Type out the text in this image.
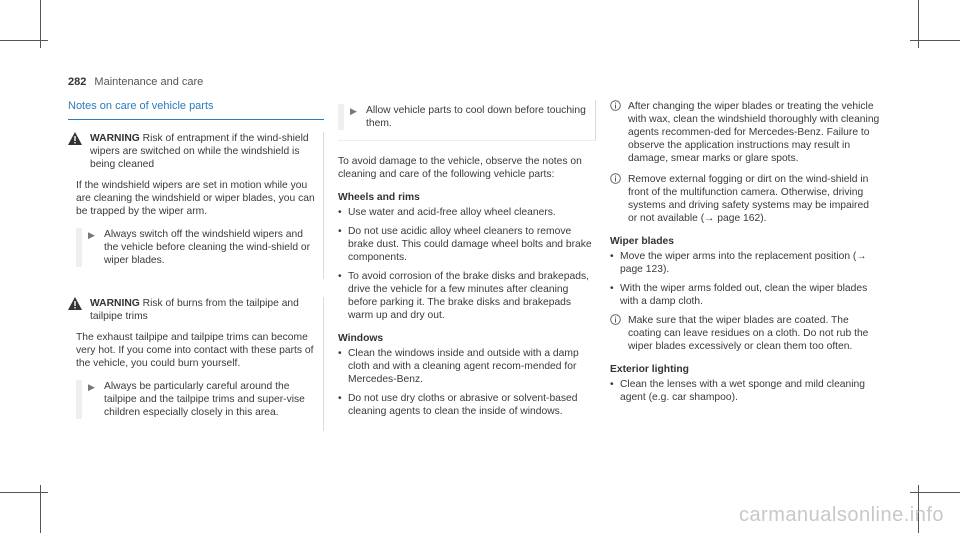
282 Maintenance and care
Notes on care of vehicle parts
WARNING Risk of entrapment if the wind-shield wipers are switched on while the windshield is being cleaned
If the windshield wipers are set in motion while you are cleaning the windshield or wiper blades, you can be trapped by the wiper arm.
▶ Always switch off the windshield wipers and the vehicle before cleaning the wind-shield or wiper blades.
WARNING Risk of burns from the tailpipe and tailpipe trims
The exhaust tailpipe and tailpipe trims can become very hot. If you come into contact with these parts of the vehicle, you could burn yourself.
▶ Always be particularly careful around the tailpipe and the tailpipe trims and super-vise children especially closely in this area.
▶ Allow vehicle parts to cool down before touching them.
To avoid damage to the vehicle, observe the notes on cleaning and care of the following vehicle parts:
Wheels and rims
• Use water and acid-free alloy wheel cleaners.
• Do not use acidic alloy wheel cleaners to remove brake dust. This could damage wheel bolts and brake components.
• To avoid corrosion of the brake disks and brakepads, drive the vehicle for a few minutes after cleaning before parking it. The brake disks and brakepads warm up and dry out.
Windows
• Clean the windows inside and outside with a damp cloth and with a cleaning agent recom-mended for Mercedes-Benz.
• Do not use dry cloths or abrasive or solvent-based cleaning agents to clean the inside of windows.
After changing the wiper blades or treating the vehicle with wax, clean the windshield thoroughly with cleaning agents recommen-ded for Mercedes-Benz. Failure to observe the application instructions may result in damage, smear marks or glare spots.
Remove external fogging or dirt on the wind-shield in front of the multifunction camera. Otherwise, driving systems and driving safety systems may be impaired or not available (→ page 162).
Wiper blades
• Move the wiper arms into the replacement position (→ page 123).
• With the wiper arms folded out, clean the wiper blades with a damp cloth.
Make sure that the wiper blades are coated. The coating can leave residues on a cloth. Do not rub the wiper blades excessively or clean them too often.
Exterior lighting
• Clean the lenses with a wet sponge and mild cleaning agent (e.g. car shampoo).
carmanualsonline.info
